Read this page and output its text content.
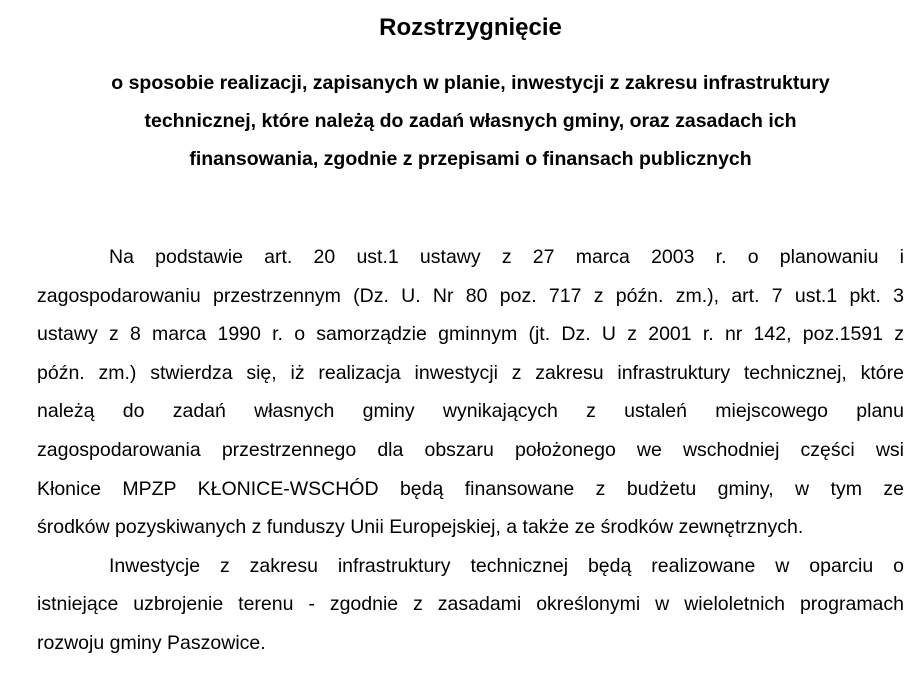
Rozstrzygnięcie
o sposobie realizacji, zapisanych w planie, inwestycji z zakresu infrastruktury
technicznej, które należą do zadań własnych gminy, oraz zasadach ich
finansowania, zgodnie z przepisami o finansach publicznych
Na podstawie art. 20 ust.1 ustawy z 27 marca 2003 r. o planowaniu i
zagospodarowaniu przestrzennym (Dz. U. Nr 80 poz. 717 z późn. zm.), art. 7 ust.1 pkt. 3
ustawy z 8 marca 1990 r. o samorządzie gminnym (jt. Dz. U z 2001 r. nr 142, poz.1591 z
późn. zm.) stwierdza się, iż realizacja inwestycji z zakresu infrastruktury technicznej, które
należą do zadań własnych gminy wynikających z ustaleń miejscowego planu
zagospodarowania przestrzennego dla obszaru położonego we wschodniej części wsi
Kłonice MPZP KŁONICE-WSCHÓD będą finansowane z budżetu gminy, w tym ze
środków pozyskiwanych z funduszy Unii Europejskiej, a także ze środków zewnętrznych.
Inwestycje z zakresu infrastruktury technicznej będą realizowane w oparciu o
istniejące uzbrojenie terenu - zgodnie z zasadami określonymi w wieloletnich programach
rozwoju gminy Paszowice.
